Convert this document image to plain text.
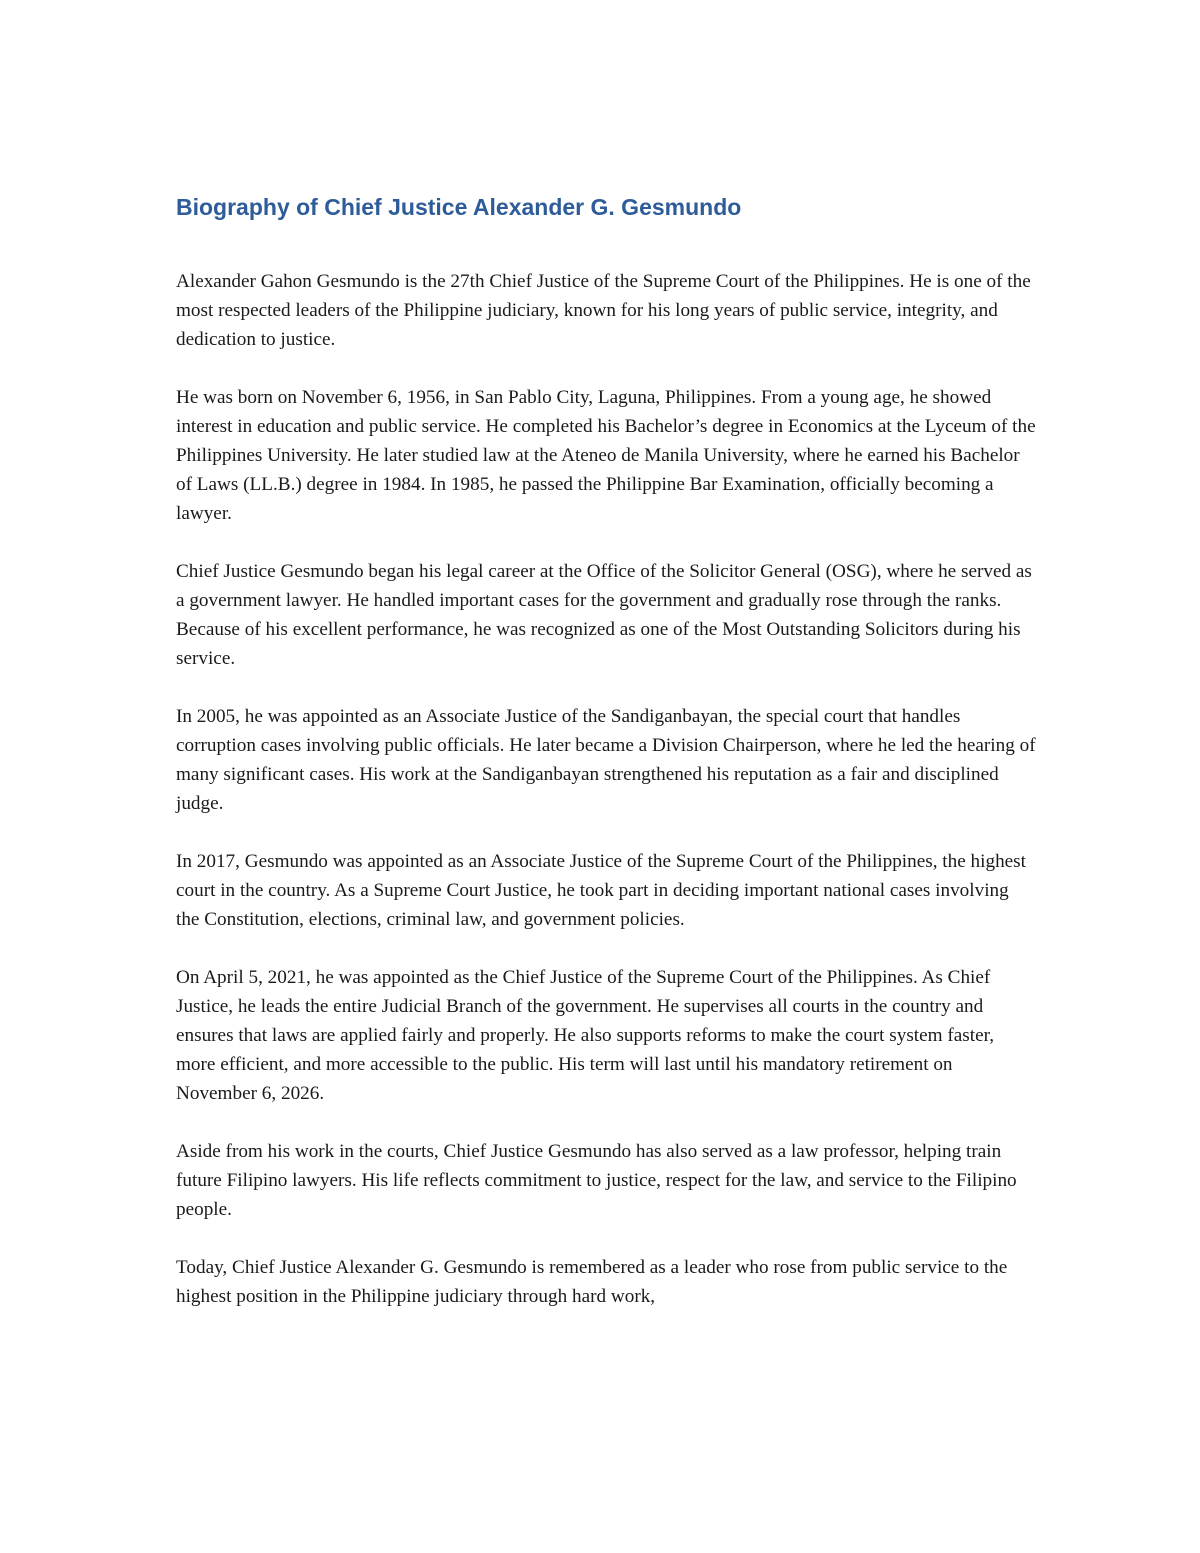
Biography of Chief Justice Alexander G. Gesmundo

Alexander Gahon Gesmundo is the 27th Chief Justice of the Supreme Court of the Philippines. He is one of the most respected leaders of the Philippine judiciary, known for his long years of public service, integrity, and dedication to justice.

He was born on November 6, 1956, in San Pablo City, Laguna, Philippines. From a young age, he showed interest in education and public service. He completed his Bachelor’s degree in Economics at the Lyceum of the Philippines University. He later studied law at the Ateneo de Manila University, where he earned his Bachelor of Laws (LL.B.) degree in 1984. In 1985, he passed the Philippine Bar Examination, officially becoming a lawyer.

Chief Justice Gesmundo began his legal career at the Office of the Solicitor General (OSG), where he served as a government lawyer. He handled important cases for the government and gradually rose through the ranks. Because of his excellent performance, he was recognized as one of the Most Outstanding Solicitors during his service.

In 2005, he was appointed as an Associate Justice of the Sandiganbayan, the special court that handles corruption cases involving public officials. He later became a Division Chairperson, where he led the hearing of many significant cases. His work at the Sandiganbayan strengthened his reputation as a fair and disciplined judge.

In 2017, Gesmundo was appointed as an Associate Justice of the Supreme Court of the Philippines, the highest court in the country. As a Supreme Court Justice, he took part in deciding important national cases involving the Constitution, elections, criminal law, and government policies.

On April 5, 2021, he was appointed as the Chief Justice of the Supreme Court of the Philippines. As Chief Justice, he leads the entire Judicial Branch of the government. He supervises all courts in the country and ensures that laws are applied fairly and properly. He also supports reforms to make the court system faster, more efficient, and more accessible to the public. His term will last until his mandatory retirement on November 6, 2026.

Aside from his work in the courts, Chief Justice Gesmundo has also served as a law professor, helping train future Filipino lawyers. His life reflects commitment to justice, respect for the law, and service to the Filipino people.

Today, Chief Justice Alexander G. Gesmundo is remembered as a leader who rose from public service to the highest position in the Philippine judiciary through hard work,
